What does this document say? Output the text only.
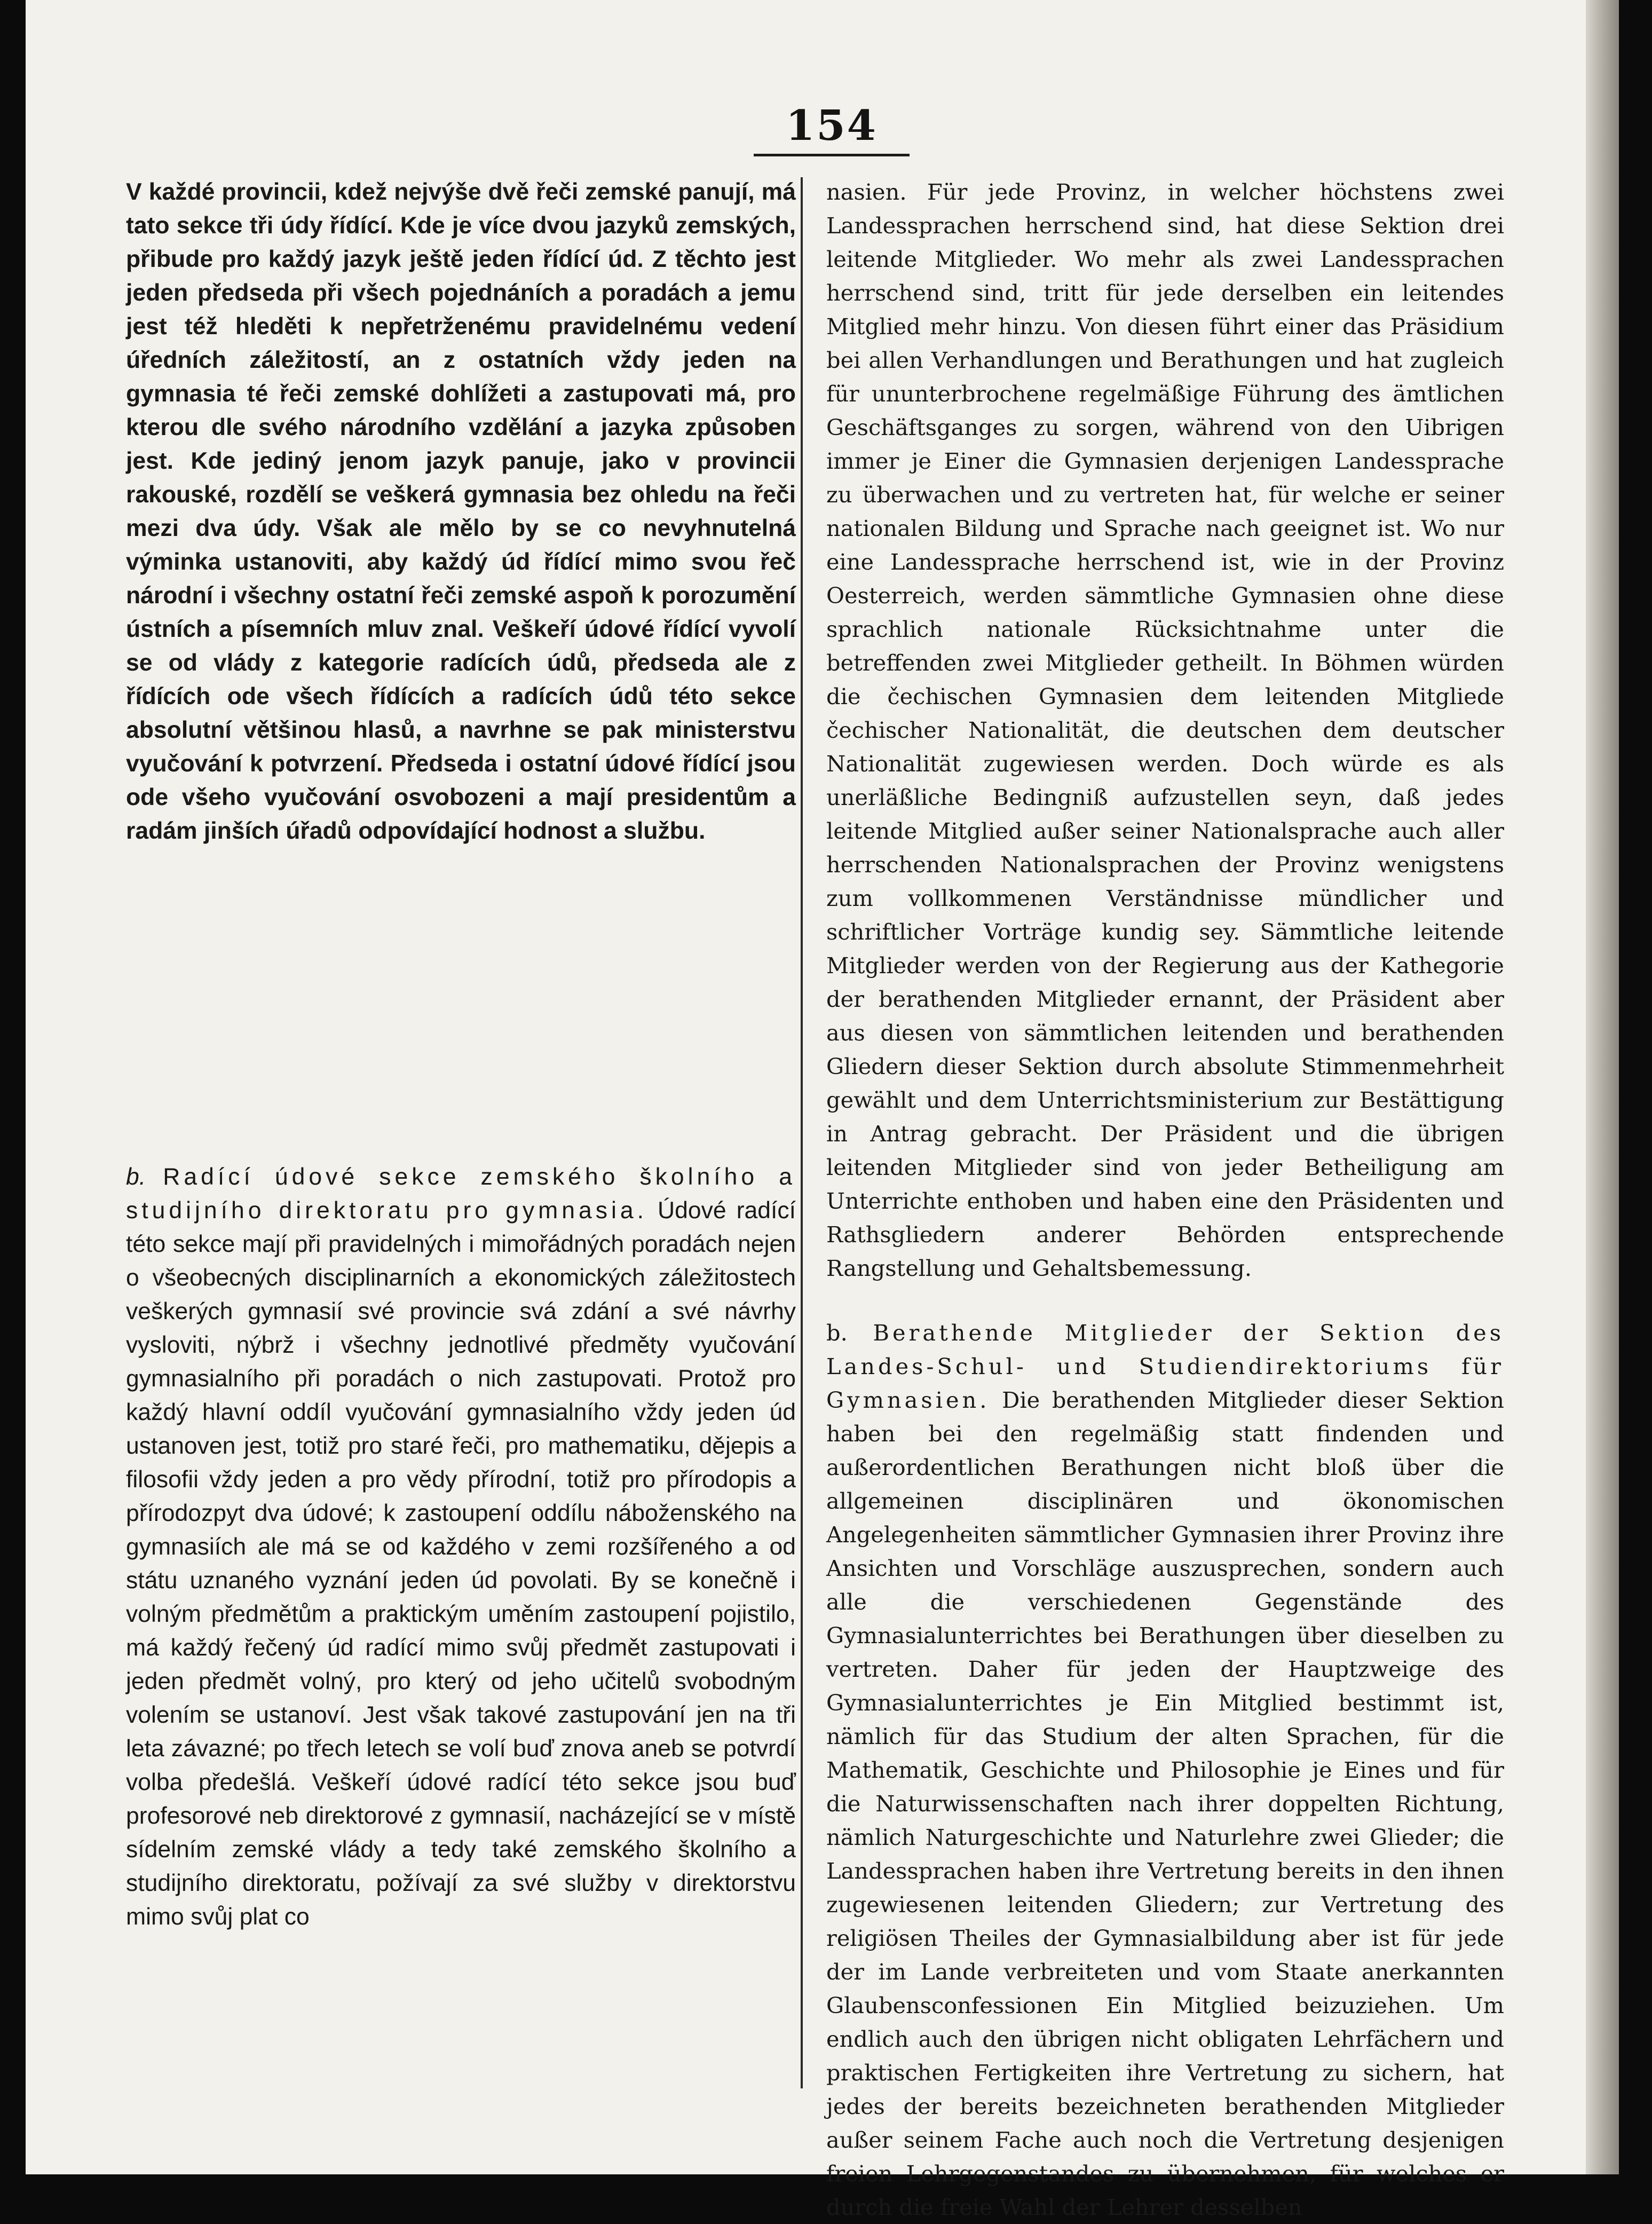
154

V každé provincii, kdež nejvýše dvě řeči zemské panují, má tato sekce tři údy řídící. Kde je více dvou jazyků zemských, přibude pro každý jazyk ještě jeden řídící úd. Z těchto jest jeden předseda při všech pojednáních a poradách a jemu jest též hleděti k nepřetrženému pravidelnému vedení úředních záležitostí, an z ostatních vždy jeden na gymnasia té řeči zemské dohlížeti a zastupovati má, pro kterou dle svého národního vzdělání a jazyka způsoben jest. Kde jediný jenom jazyk panuje, jako v provincii rakouské, rozdělí se veškerá gymnasia bez ohledu na řeči mezi dva údy. Však ale mělo by se co nevyhnutelná výminka ustanoviti, aby každý úd řídící mimo svou řeč národní i všechny ostatní řeči zemské aspoň k porozumění ústních a písemních mluv znal. Veškeří údové řídící vyvolí se od vlády z kategorie radících údů, předseda ale z řídících ode všech řídících a radících údů této sekce absolutní většinou hlasů, a navrhne se pak ministerstvu vyučování k potvrzení. Předseda i ostatní údové řídící jsou ode všeho vyučování osvobozeni a mají presidentům a radám jinších úřadů odpovídající hodnost a službu.

b. Radící údové sekce zemského školního a studijního direktoratu pro gymnasia. Údové radící této sekce mají při pravidelných i mimořádných poradách nejen o všeobecných disciplinarních a ekonomických záležitostech veškerých gymnasií své provincie svá zdání a své návrhy vysloviti, nýbrž i všechny jednotlivé předměty vyučování gymnasialního při poradách o nich zastupovati. Protož pro každý hlavní oddíl vyučování gymnasialního vždy jeden úd ustanoven jest, totiž pro staré řeči, pro mathematiku, dějepis a filosofii vždy jeden a pro vědy přírodní, totiž pro přírodopis a přírodozpyt dva údové; k zastoupení oddílu náboženského na gymnasiích ale má se od každého v zemi rozšířeného a od státu uznaného vyznání jeden úd povolati. By se konečně i volným předmětům a praktickým uměním zastoupení pojistilo, má každý řečený úd radící mimo svůj předmět zastupovati i jeden předmět volný, pro který od jeho učitelů svobodným volením se ustanoví. Jest však takové zastupování jen na tři leta závazné; po třech letech se volí buď znova aneb se potvrdí volba předešlá. Veškeří údové radící této sekce jsou buď profesorové neb direktorové z gymnasií, nacházející se v místě sídelním zemské vlády a tedy také zemského školního a studijního direktoratu, požívají za své služby v direktorstvu mimo svůj plat co

nasien. Für jede Provinz, in welcher höchstens zwei Landessprachen herrschend sind, hat diese Sektion drei leitende Mitglieder. Wo mehr als zwei Landessprachen herrschend sind, tritt für jede derselben ein leitendes Mitglied mehr hinzu. Von diesen führt einer das Präsidium bei allen Verhandlungen und Berathungen und hat zugleich für ununterbrochene regelmäßige Führung des ämtlichen Geschäftsganges zu sorgen, während von den Uibrigen immer je Einer die Gymnasien derjenigen Landessprache zu überwachen und zu vertreten hat, für welche er seiner nationalen Bildung und Sprache nach geeignet ist. Wo nur eine Landessprache herrschend ist, wie in der Provinz Oesterreich, werden sämmtliche Gymnasien ohne diese sprachlich nationale Rücksichtnahme unter die betreffenden zwei Mitglieder getheilt. In Böhmen würden die čechischen Gymnasien dem leitenden Mitgliede čechischer Nationalität, die deutschen dem deutscher Nationalität zugewiesen werden. Doch würde es als unerläßliche Bedingniß aufzustellen seyn, daß jedes leitende Mitglied außer seiner Nationalsprache auch aller herrschenden Nationalsprachen der Provinz wenigstens zum vollkommenen Verständnisse mündlicher und schriftlicher Vorträge kundig sey. Sämmtliche leitende Mitglieder werden von der Regierung aus der Kathegorie der berathenden Mitglieder ernannt, der Präsident aber aus diesen von sämmtlichen leitenden und berathenden Gliedern dieser Sektion durch absolute Stimmenmehrheit gewählt und dem Unterrichtsministerium zur Bestättigung in Antrag gebracht. Der Präsident und die übrigen leitenden Mitglieder sind von jeder Betheiligung am Unterrichte enthoben und haben eine den Präsidenten und Rathsgliedern anderer Behörden entsprechende Rangstellung und Gehaltsbemessung.

b. Berathende Mitglieder der Sektion des Landes-Schul- und Studiendirektoriums für Gymnasien. Die berathenden Mitglieder dieser Sektion haben bei den regelmäßig statt findenden und außerordentlichen Berathungen nicht bloß über die allgemeinen disciplinären und ökonomischen Angelegenheiten sämmtlicher Gymnasien ihrer Provinz ihre Ansichten und Vorschläge auszusprechen, sondern auch alle die verschiedenen Gegenstände des Gymnasialunterrichtes bei Berathungen über dieselben zu vertreten. Daher für jeden der Hauptzweige des Gymnasialunterrichtes je Ein Mitglied bestimmt ist, nämlich für das Studium der alten Sprachen, für die Mathematik, Geschichte und Philosophie je Eines und für die Naturwissenschaften nach ihrer doppelten Richtung, nämlich Naturgeschichte und Naturlehre zwei Glieder; die Landessprachen haben ihre Vertretung bereits in den ihnen zugewiesenen leitenden Gliedern; zur Vertretung des religiösen Theiles der Gymnasialbildung aber ist für jede der im Lande verbreiteten und vom Staate anerkannten Glaubensconfessionen Ein Mitglied beizuziehen. Um endlich auch den übrigen nicht obligaten Lehrfächern und praktischen Fertigkeiten ihre Vertretung zu sichern, hat jedes der bereits bezeichneten berathenden Mitglieder außer seinem Fache auch noch die Vertretung desjenigen freien Lehrgegenstandes zu übernehmen, für welches er durch die freie Wahl der Lehrer desselben
